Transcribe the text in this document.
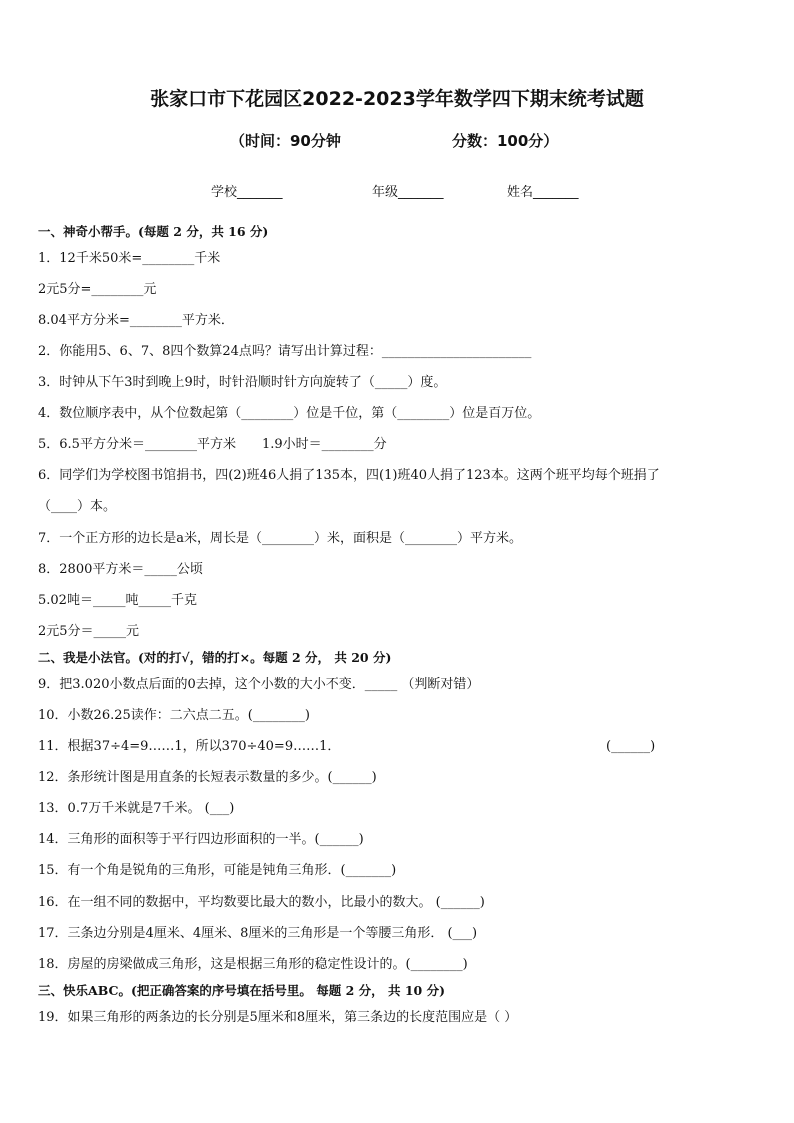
张家口市下花园区2022-2023学年数学四下期末统考试题
（时间：90分钟	分数：100分）
学校_______	年级_______	姓名_______
一、神奇小帮手。(每题 2 分，共 16 分)
1．12千米50米=________千米
2元5分=________元
8.04平方分米=________平方米．
2．你能用5、6、7、8四个数算24点吗？请写出计算过程：_______________________
3．时钟从下午3时到晚上9时，时针沿顺时针方向旋转了（_____）度。
4．数位顺序表中，从个位数起第（________）位是千位，第（________）位是百万位。
5．6.5平方分米＝________平方米　　1.9小时＝________分
6．同学们为学校图书馆捐书，四(2)班46人捐了135本，四(1)班40人捐了123本。这两个班平均每个班捐了
（____）本。
7．一个正方形的边长是a米，周长是（________）米，面积是（________）平方米。
8．2800平方米＝_____公顷
5.02吨＝_____吨_____千克
2元5分＝_____元
二、我是小法官。(对的打√，错的打×。每题 2 分， 共 20 分)
9．把3.020小数点后面的0去掉，这个小数的大小不变．_____ （判断对错）
10．小数26.25读作：二六点二五。(________)
11．根据37÷4=9……1，所以370÷40=9……1．	(______)
12．条形统计图是用直条的长短表示数量的多少。(______)
13．0.7万千米就是7千米。 (___)
14．三角形的面积等于平行四边形面积的一半。(______)
15．有一个角是锐角的三角形，可能是钝角三角形．(_______)
16．在一组不同的数据中，平均数要比最大的数小，比最小的数大。 (______)
17．三条边分别是4厘米、4厘米、8厘米的三角形是一个等腰三角形． (___)
18．房屋的房梁做成三角形，这是根据三角形的稳定性设计的。(________)
三、快乐ABC。(把正确答案的序号填在括号里。 每题 2 分， 共 10 分)
19．如果三角形的两条边的长分别是5厘米和8厘米，第三条边的长度范围应是（ ）
